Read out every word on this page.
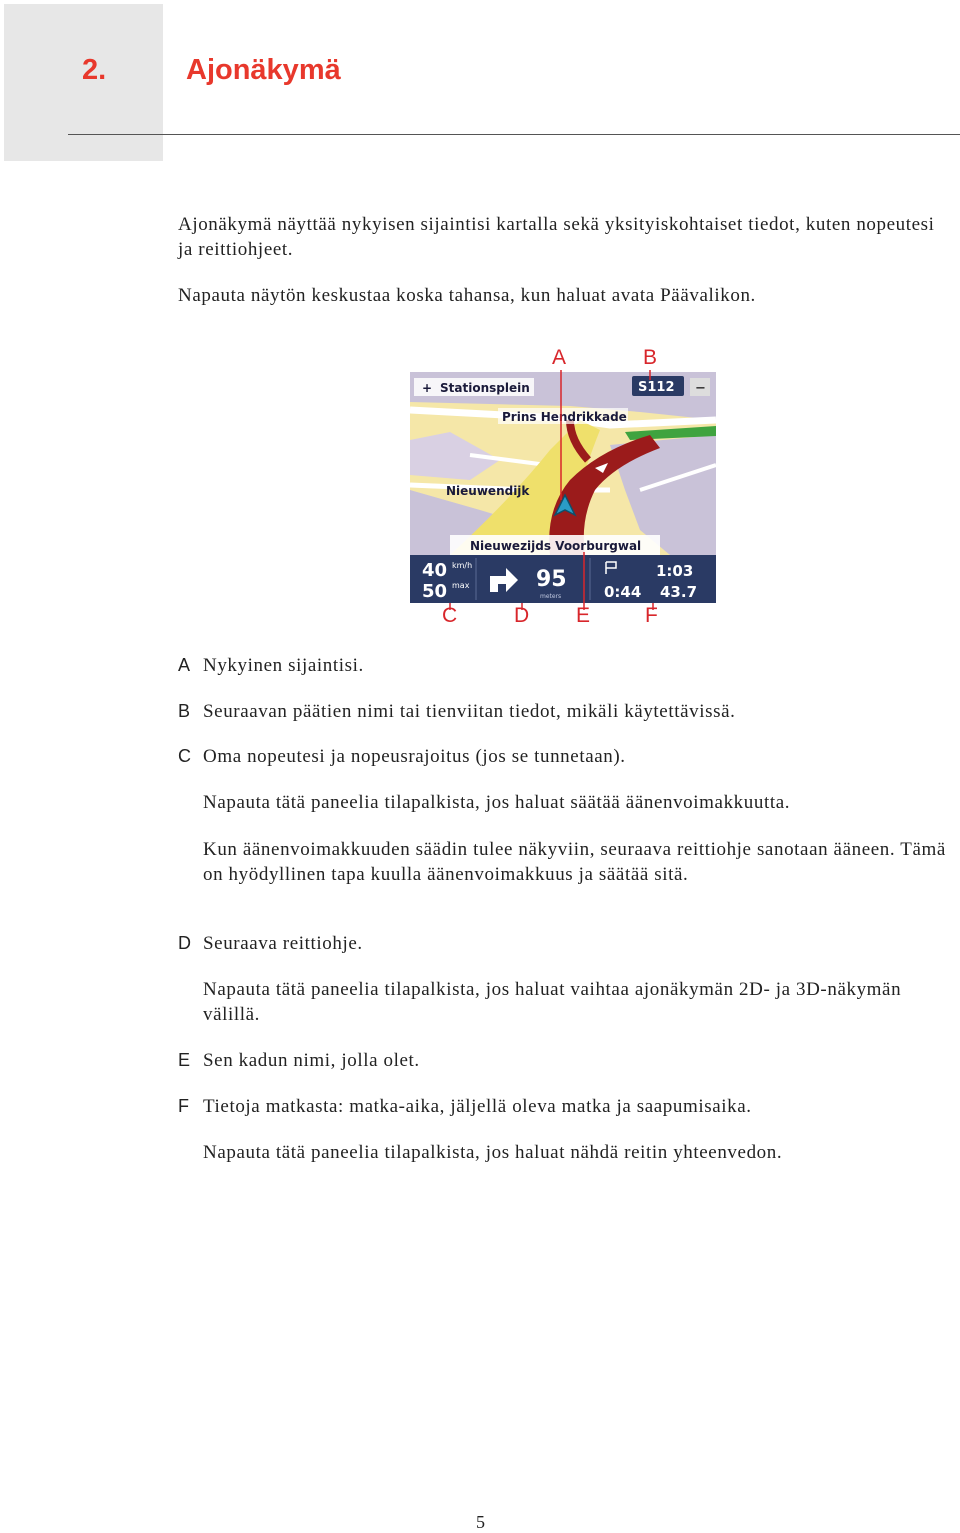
2.	Ajonäkymä

Ajonäkymä näyttää nykyisen sijaintisi kartalla sekä yksityiskohtaiset tiedot, kuten nopeutesi ja reittiohjeet.

Napauta näytön keskustaa koska tahansa, kun haluat avata Päävalikon.

+ Stationsplein	S112 −
Prins Hendrikkade
Nieuwendijk
Nieuwezijds Voorburgwal
40 km/h
50 max	95
meters
1:03
0:44 43.7
A	B
C	D E	F
A Nykyinen sijaintisi.
B Seuraavan päätien nimi tai tienviitan tiedot, mikäli käytettävissä.
C Oma nopeutesi ja nopeusrajoitus (jos se tunnetaan).
Napauta tätä paneelia tilapalkista, jos haluat säätää äänenvoimakkuutta.
Kun äänenvoimakkuuden säädin tulee näkyviin, seuraava reittiohje sanotaan ääneen. Tämä on hyödyllinen tapa kuulla äänenvoimakkuus ja säätää sitä.
D Seuraava reittiohje.
Napauta tätä paneelia tilapalkista, jos haluat vaihtaa ajonäkymän 2D- ja 3D-näkymän välillä.
E Sen kadun nimi, jolla olet.
F Tietoja matkasta: matka-aika, jäljellä oleva matka ja saapumisaika.
Napauta tätä paneelia tilapalkista, jos haluat nähdä reitin yhteenvedon.
5
